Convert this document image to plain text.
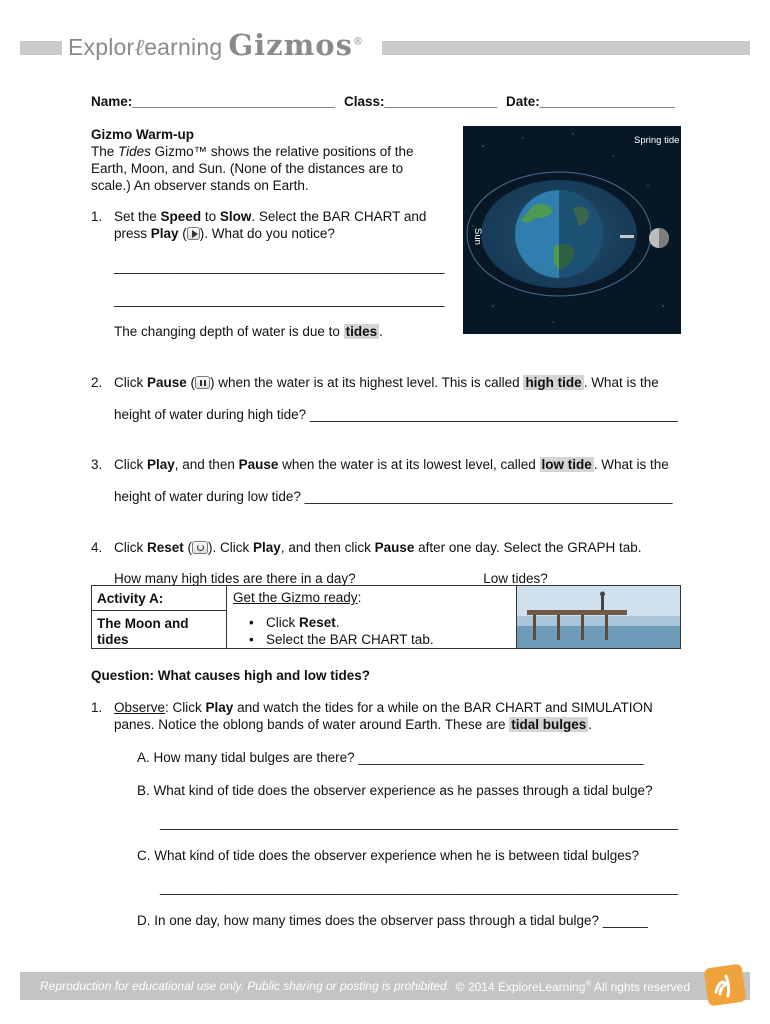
Explorℓearning Gizmos®
Name:___________________________ Class:_______________ Date:__________________
Gizmo Warm-up
The Tides Gizmo™ shows the relative positions of the
Earth, Moon, and Sun. (None of the distances are to
scale.) An observer stands on Earth.
1. Set the Speed to Slow. Select the BAR CHART and
press Play ( ). What do you notice?
____________________________________________
____________________________________________
The changing depth of water is due to tides .
Spring tide
Sun
2. Click Pause ( ) when the water is at its highest level. This is called high tide . What is the
height of water during high tide? _________________________________________________
3. Click Play, and then Pause when the water is at its lowest level, called low tide . What is the
height of water during low tide? _________________________________________________
4. Click Reset ( ). Click Play, and then click Pause after one day. Select the GRAPH tab.
How many high tides are there in a day? ________________ Low tides? _______________
Activity A:
The Moon and
tides
Get the Gizmo ready:
• Click Reset.
• Select the BAR CHART tab.
Question: What causes high and low tides?
1. Observe: Click Play and watch the tides for a while on the BAR CHART and SIMULATION
panes. Notice the oblong bands of water around Earth. These are tidal bulges .
A. How many tidal bulges are there? ______________________________________
B. What kind of tide does the observer experience as he passes through a tidal bulge?
_____________________________________________________________________
C. What kind of tide does the observer experience when he is between tidal bulges?
_____________________________________________________________________
D. In one day, how many times does the observer pass through a tidal bulge? ______
Reproduction for educational use only. Public sharing or posting is prohibited. © 2014 ExploreLearning® All rights reserved
